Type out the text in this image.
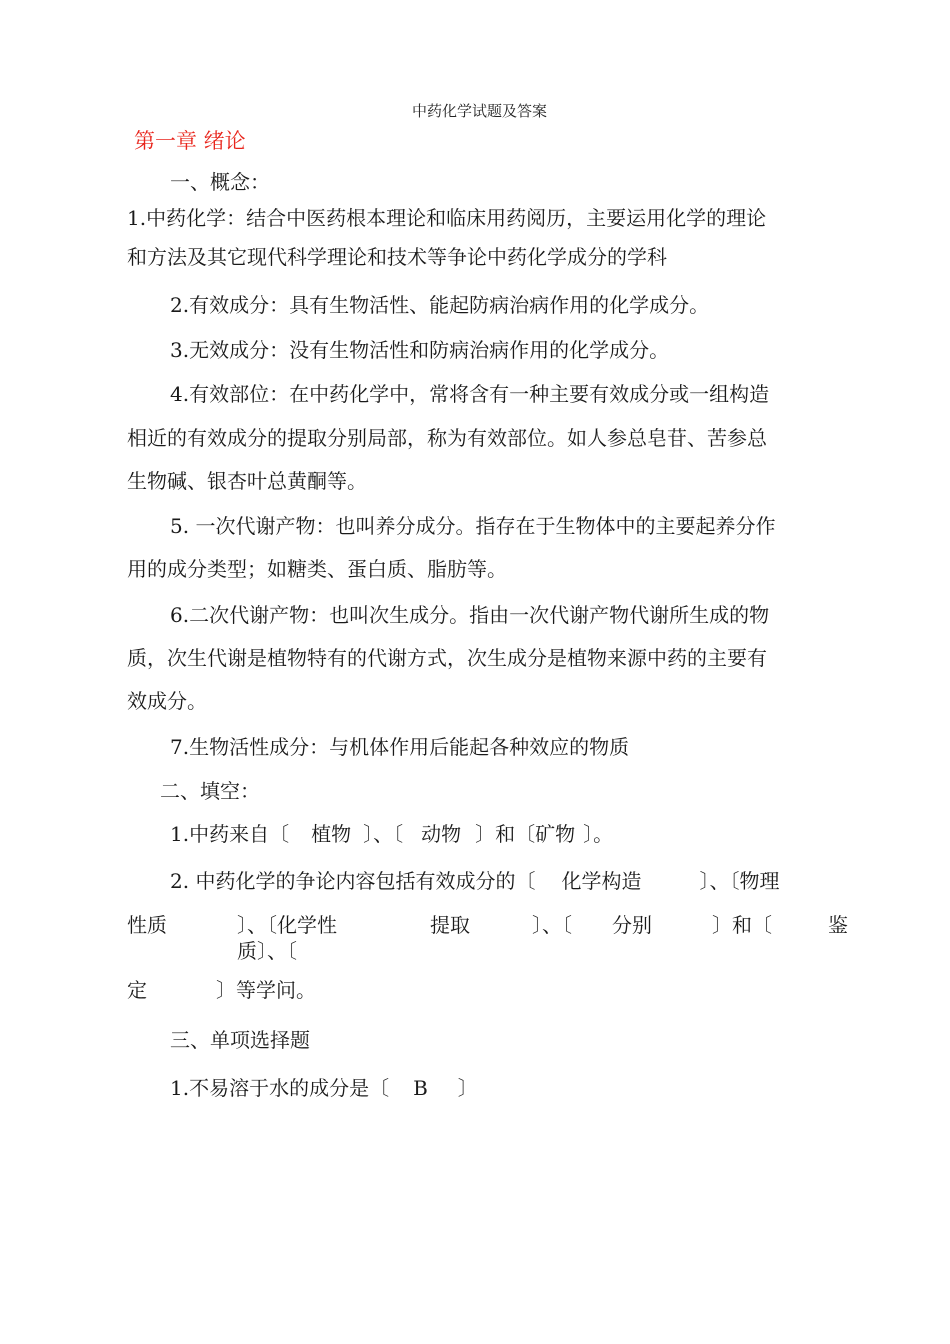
中药化学试题及答案
第一章 绪论
一、概念：
1.中药化学：结合中医药根本理论和临床用药阅历，主要运用化学的理论
和方法及其它现代科学理论和技术等争论中药化学成分的学科
2.有效成分：具有生物活性、能起防病治病作用的化学成分。
3.无效成分：没有生物活性和防病治病作用的化学成分。
4.有效部位：在中药化学中，常将含有一种主要有效成分或一组构造
相近的有效成分的提取分别局部，称为有效部位。如人参总皂苷、苦参总
生物碱、银杏叶总黄酮等。
5. 一次代谢产物：也叫养分成分。指存在于生物体中的主要起养分作
用的成分类型；如糖类、蛋白质、脂肪等。
6.二次代谢产物：也叫次生成分。指由一次代谢产物代谢所生成的物
质，次生代谢是植物特有的代谢方式，次生成分是植物来源中药的主要有
效成分。
7.生物活性成分：与机体作用后能起各种效应的物质
二、填空：
1.中药来自〔 植物 〕、〔 动物 〕和〔矿物 〕。
2. 中药化学的争论内容包括有效成分的〔 化学构造	〕、〔物理
性质	〕、〔化学性	提取	〕、〔 分别	〕和〔	鉴
质〕、〔
定	〕等学问。
三、单项选择题
1.不易溶于水的成分是〔 B 〕
